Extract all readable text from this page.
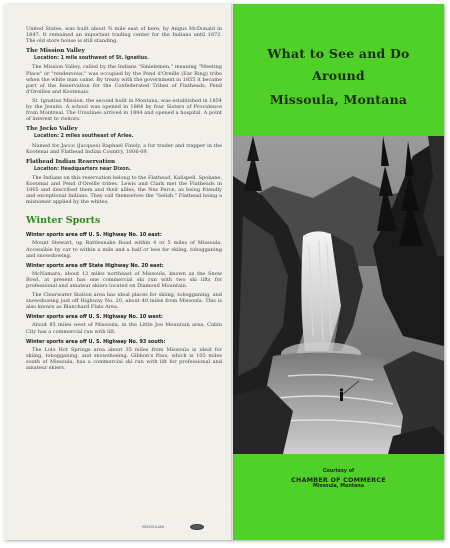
United States, was built about ¾ mile east of here, by Angus McDonald in 1847. It remained an important trading center for the Indians until 1872. The old store house is still standing.

The Mission Valley
Location: 1 mile southwest of St. Ignatius.

The Mission Valley, called by the Indians "Sinielemen," meaning "Meeting Place" or "rendezvous," was occupied by the Pend d'Oreille (Ear Ring) tribe when the white man came. By treaty with the government in 1855 it became part of the Reservation for the Confederated Tribes of Flatheads, Pend d'Oreilles and Kootenais.

St. Ignatius Mission, the second built in Montana, was established in 1854 by the Jesuits. A school was opened in 1864 by four Sisters of Providence from Montreal. The Ursulines arrived in 1884 and opened a hospital. A point of interest to visitors.

The Jocko Valley
Location: 2 miles southeast of Arlee.

Named for Jacco (Jacques) Raphael Finely, a fur trader and trapper in the Kootenai and Flathead Indian Country, 1806-09.

Flathead Indian Reservation
Location: Headquarters near Dixon.

The Indians on this reservation belong to the Flathead, Kalispell, Spokane, Kootenai and Pend d'Oreille tribes. Lewis and Clark met the Flatheads in 1805 and described them and their allies, the Nez Perce, as being friendly and exceptional Indians. They call themselves the "Selish." Flathead being a misnomer applied by the whites.

Winter Sports
Winter sports area off U. S. Highway No. 10 east:

Mount Stewart, up Rattlesnake Road within 4 or 5 miles of Missoula. Accessible by car to within a mile and a half or less for skiing, tobogganing and snowshoeing.

Winter sports area off State Highway No. 20 east:

McNamara, about 12 miles northeast of Missoula, known as the Snow Bowl, at present has one commercial ski run with two ski lifts for professional and amateur skiers located on Diamond Mountain.

The Clearwater Station area has ideal places for skiing, tobogganing, and snowshoeing just off Highway No. 20, about 40 miles from Missoula. This is also known as Blanchard Flats Area.

Winter sports area off U. S. Highway No. 10 west:

About 85 miles west of Missoula, in the Little Joe Mountain area, Cabin City has a commercial run with lift.

Winter sports area off U. S. Highway No. 93 south:

The Lolo Hot Springs area about 35 miles from Missoula is ideal for skiing, tobogganing, and snowshoeing. Gibbon's Pass, which is 105 miles south of Missoula, has a commercial ski run with lift for professional and amateur skiers.

MISSOULIAN
What to See and Do
Around
Missoula, Montana
Courtesy of
CHAMBER OF COMMERCE
Missoula, Montana
